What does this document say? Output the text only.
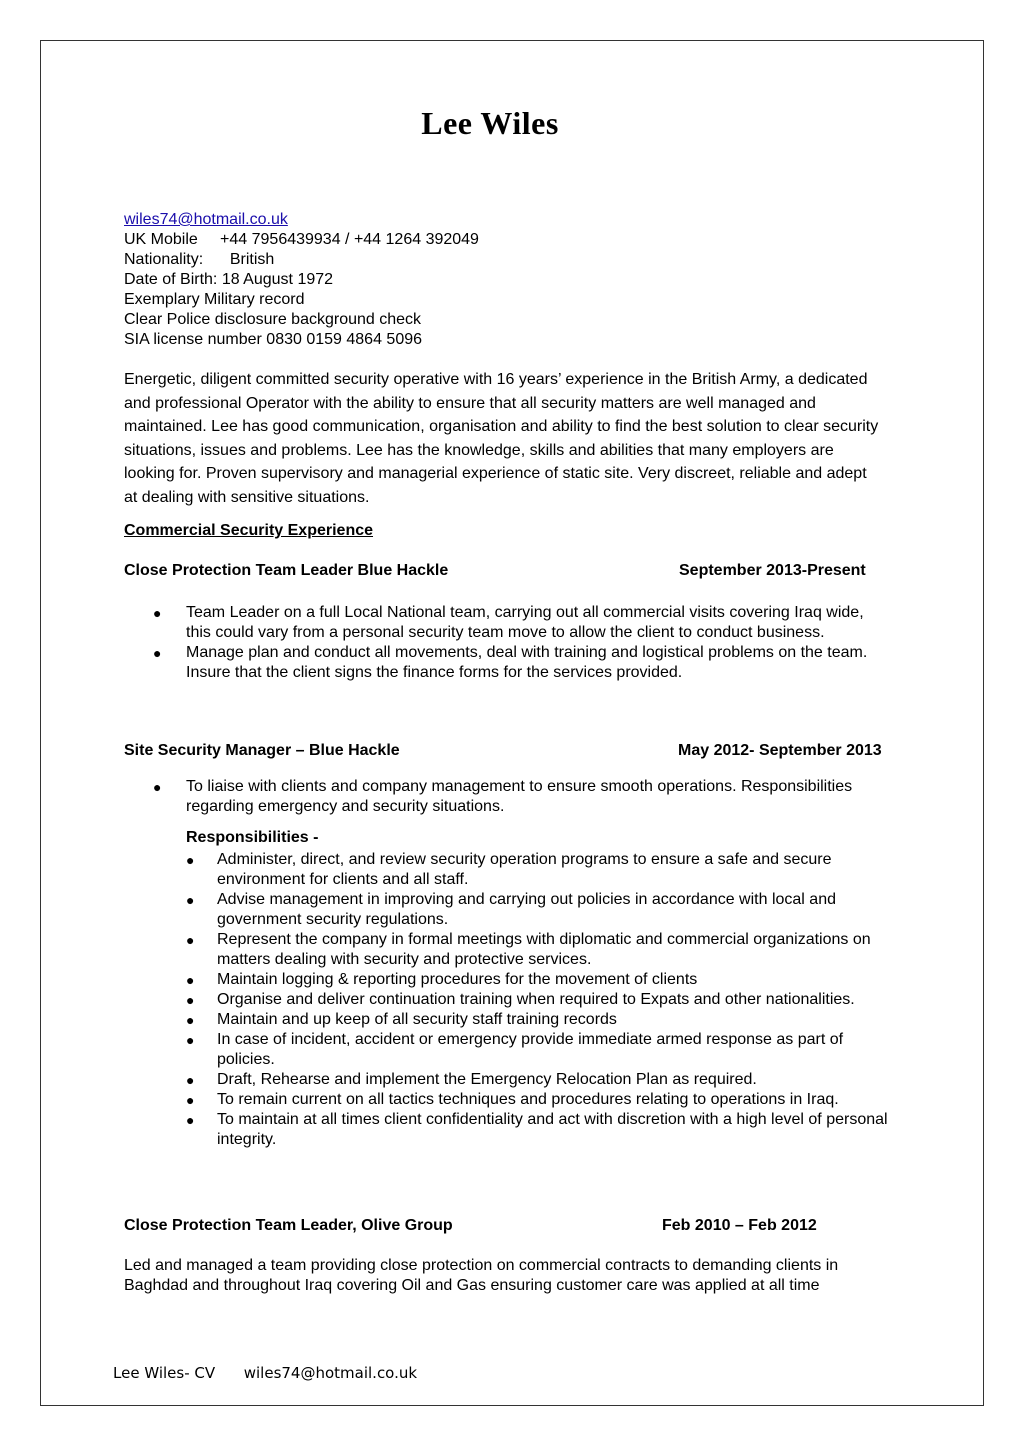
Lee Wiles
wiles74@hotmail.co.uk
UK Mobile     +44 7956439934 / +44 1264 392049
Nationality:      British
Date of Birth: 18 August 1972
Exemplary Military record
Clear Police disclosure background check
SIA license number 0830 0159 4864 5096
Energetic, diligent committed security operative with 16 years’ experience in the British Army, a dedicated and professional Operator with the ability to ensure that all security matters are well managed and maintained. Lee has good communication, organisation and ability to find the best solution to clear security situations, issues and problems. Lee has the knowledge, skills and abilities that many employers are looking for. Proven supervisory and managerial experience of static site. Very discreet, reliable and adept at dealing with sensitive situations.
Commercial Security Experience
Close Protection Team Leader Blue Hackle	September 2013-Present
● Team Leader on a full Local National team, carrying out all commercial visits covering Iraq wide, this could vary from a personal security team move to allow the client to conduct business.
● Manage plan and conduct all movements, deal with training and logistical problems on the team. Insure that the client signs the finance forms for the services provided.
Site Security Manager – Blue Hackle	May 2012- September 2013
● To liaise with clients and company management to ensure smooth operations. Responsibilities regarding emergency and security situations.
Responsibilities -
● Administer, direct, and review security operation programs to ensure a safe and secure environment for clients and all staff.
● Advise management in improving and carrying out policies in accordance with local and government security regulations.
● Represent the company in formal meetings with diplomatic and commercial organizations on matters dealing with security and protective services.
● Maintain logging & reporting procedures for the movement of clients
● Organise and deliver continuation training when required to Expats and other nationalities.
● Maintain and up keep of all security staff training records
● In case of incident, accident or emergency provide immediate armed response as part of policies.
● Draft, Rehearse and implement the Emergency Relocation Plan as required.
● To remain current on all tactics techniques and procedures relating to operations in Iraq.
● To maintain at all times client confidentiality and act with discretion with a high level of personal integrity.
Close Protection Team Leader, Olive Group	Feb 2010 – Feb 2012
Led and managed a team providing close protection on commercial contracts to demanding clients in Baghdad and throughout Iraq covering Oil and Gas ensuring customer care was applied at all time
Lee Wiles- CV wiles74@hotmail.co.uk
